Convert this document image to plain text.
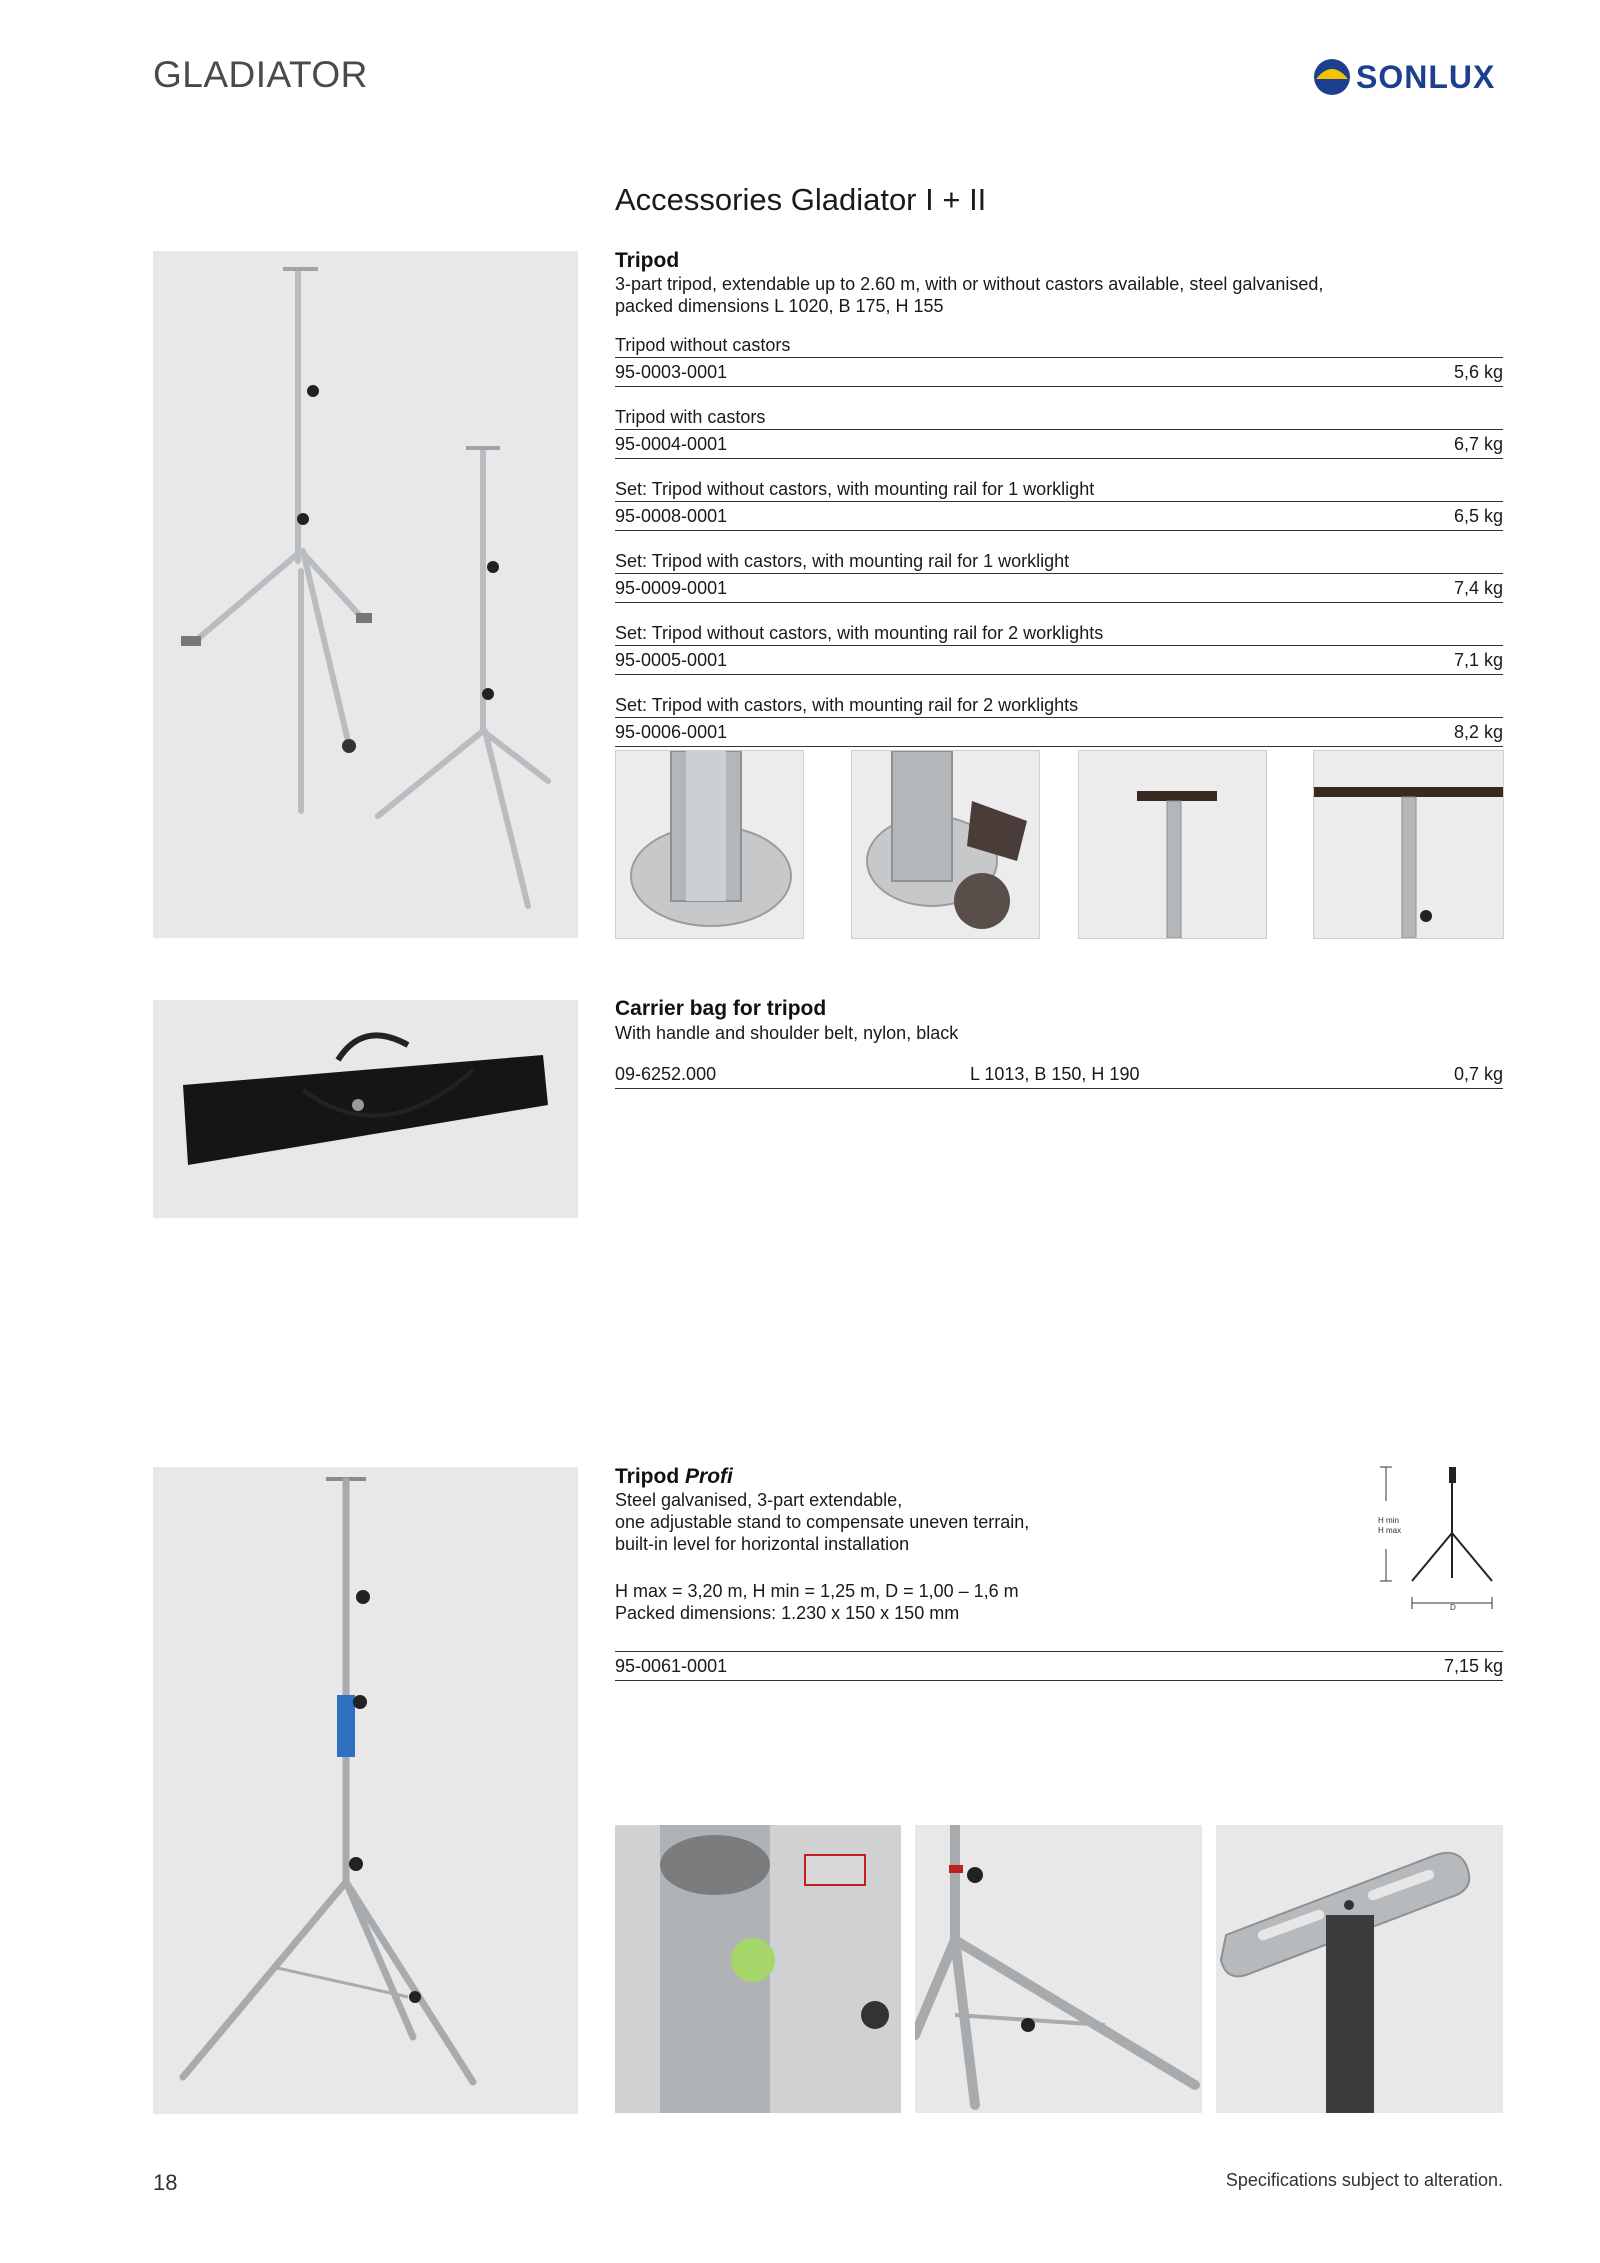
GLADIATOR	SONLUX
Accessories Gladiator I + II
Tripod
3-part tripod, extendable up to 2.60 m, with or without castors available, steel galvanised,
packed dimensions L 1020, B 175, H 155
Tripod without castors
95-0003-0001	5,6 kg
Tripod with castors
95-0004-0001	6,7 kg
Set: Tripod without castors, with mounting rail for 1 worklight
95-0008-0001	6,5 kg
Set: Tripod with castors, with mounting rail for 1 worklight
95-0009-0001	7,4 kg
Set: Tripod without castors, with mounting rail for 2 worklights
95-0005-0001	7,1 kg
Set: Tripod with castors, with mounting rail for 2 worklights
95-0006-0001	8,2 kg
Carrier bag for tripod
With handle and shoulder belt, nylon, black
09-6252.000	L 1013, B 150, H 190	0,7 kg
Tripod Profi
Steel galvanised, 3-part extendable,
one adjustable stand to compensate uneven terrain,
built-in level for horizontal installation
H max = 3,20 m, H min = 1,25 m, D = 1,00 – 1,6 m
Packed dimensions: 1.230 x 150 x 150 mm
H min
H max
D
95-0061-0001	7,15 kg
18	Specifications subject to alteration.
